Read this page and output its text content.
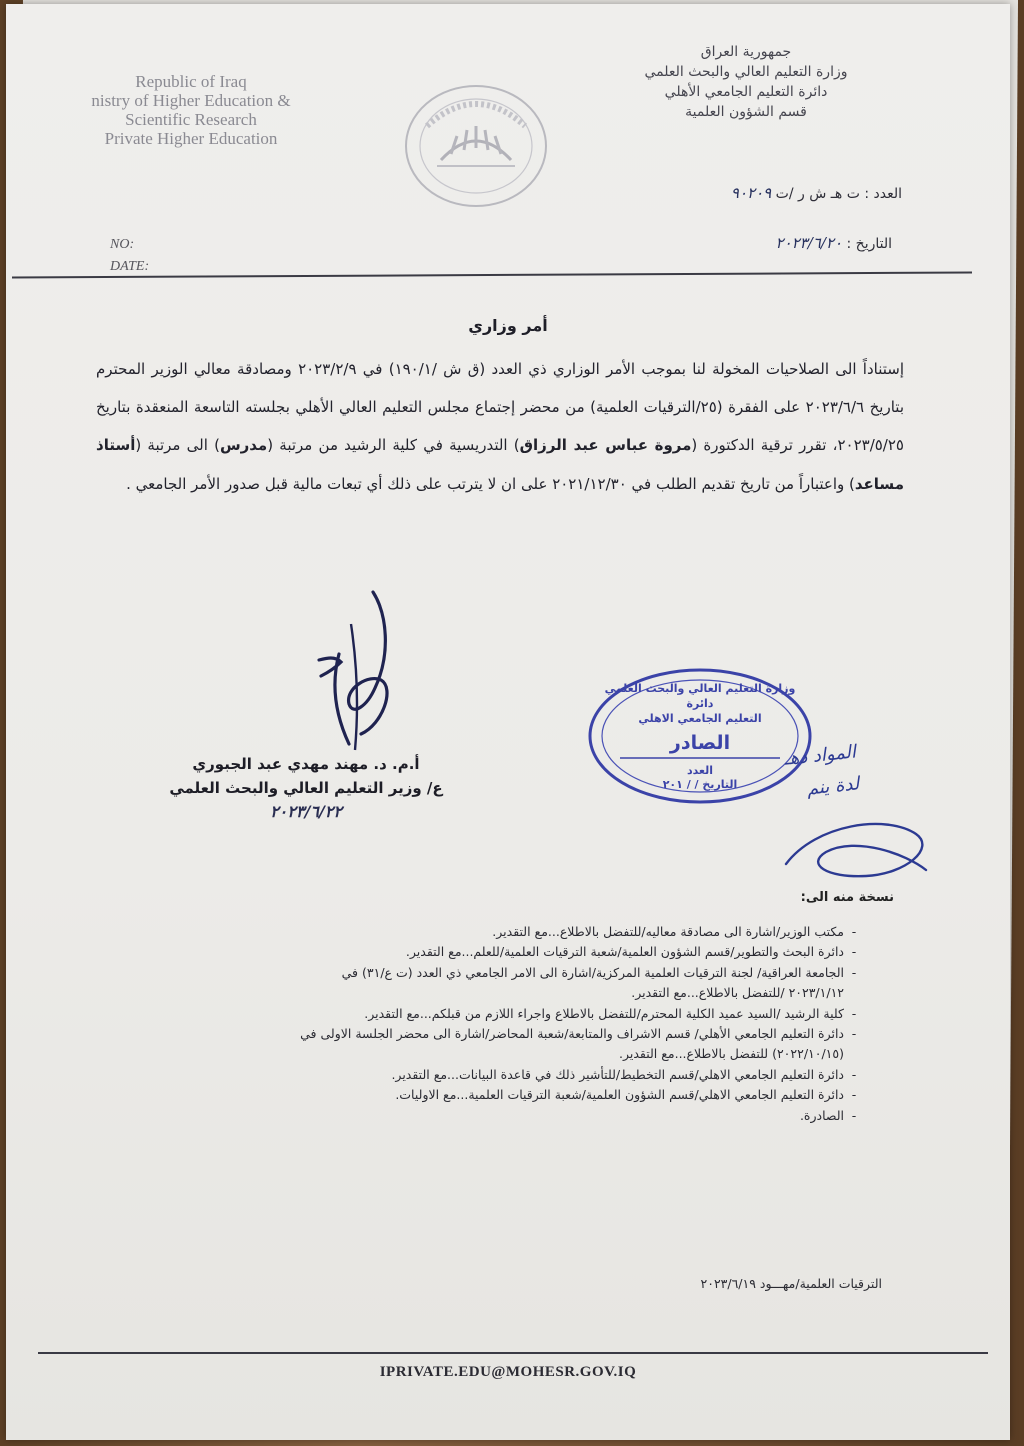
Republic of Iraq
nistry of Higher Education &
Scientific Research
Private Higher Education
NO:
DATE:
جمهورية العراق
وزارة التعليم العالي والبحث العلمي
دائرة التعليم الجامعي الأهلي
قسم الشؤون العلمية
العدد : ت هـ ش ر /ت ٩٠٢٠٩
التاريخ : ٢٠٢٣/٦/٢٠
أمر وزاري
إستناداً الى الصلاحيات المخولة لنا بموجب الأمر الوزاري ذي العدد (ق ش /١٩٠/١) في ٢٠٢٣/٢/٩ ومصادقة معالي الوزير المحترم بتاريخ ٢٠٢٣/٦/٦ على الفقرة (٢٥/الترقيات العلمية) من محضر إجتماع مجلس التعليم العالي الأهلي بجلسته التاسعة المنعقدة بتاريخ ٢٠٢٣/٥/٢٥، تقرر ترقية الدكتورة (مروة عباس عبد الرزاق) التدريسية في كلية الرشيد من مرتبة (مدرس) الى مرتبة (أستاذ مساعد) واعتباراً من تاريخ تقديم الطلب في ٢٠٢١/١٢/٣٠ على ان لا يترتب على ذلك أي تبعات مالية قبل صدور الأمر الجامعي .
أ.م. د. مهند مهدي عبد الجبوري
ع/ وزير التعليم العالي والبحث العلمي
٢٠٢٣/٦/٢٢
وزارة التعليم العالي والبحث العلمي
دائرة
التعليم الجامعي الاهلي
الصادر
العدد
التاريخ / / ٢٠١
المواد دهـ
لدة ينم
نسخة منه الى:
-
مكتب الوزير/اشارة الى مصادقة معاليه/للتفضل بالاطلاع...مع التقدير.
-
دائرة البحث والتطوير/قسم الشؤون العلمية/شعبة الترقيات العلمية/للعلم...مع التقدير.
-
الجامعة العراقية/ لجنة الترقيات العلمية المركزية/اشارة الى الامر الجامعي ذي العدد (ت ع/٣١) في
٢٠٢٣/١/١٢ /للتفضل بالاطلاع...مع التقدير.
-
كلية الرشيد /السيد عميد الكلية المحترم/للتفضل بالاطلاع واجراء اللازم من قبلكم...مع التقدير.
-
دائرة التعليم الجامعي الأهلي/ قسم الاشراف والمتابعة/شعبة المحاضر/اشارة الى محضر الجلسة الاولى في
(٢٠٢٢/١٠/١٥) للتفضل بالاطلاع...مع التقدير.
-
دائرة التعليم الجامعي الاهلي/قسم التخطيط/للتأشير ذلك في قاعدة البيانات...مع التقدير.
-
دائرة التعليم الجامعي الاهلي/قسم الشؤون العلمية/شعبة الترقيات العلمية...مع الاوليات.
-
الصادرة.
الترقيات العلمية/مهـــود ٢٠٢٣/٦/١٩
IPRIVATE.EDU@MOHESR.GOV.IQ
